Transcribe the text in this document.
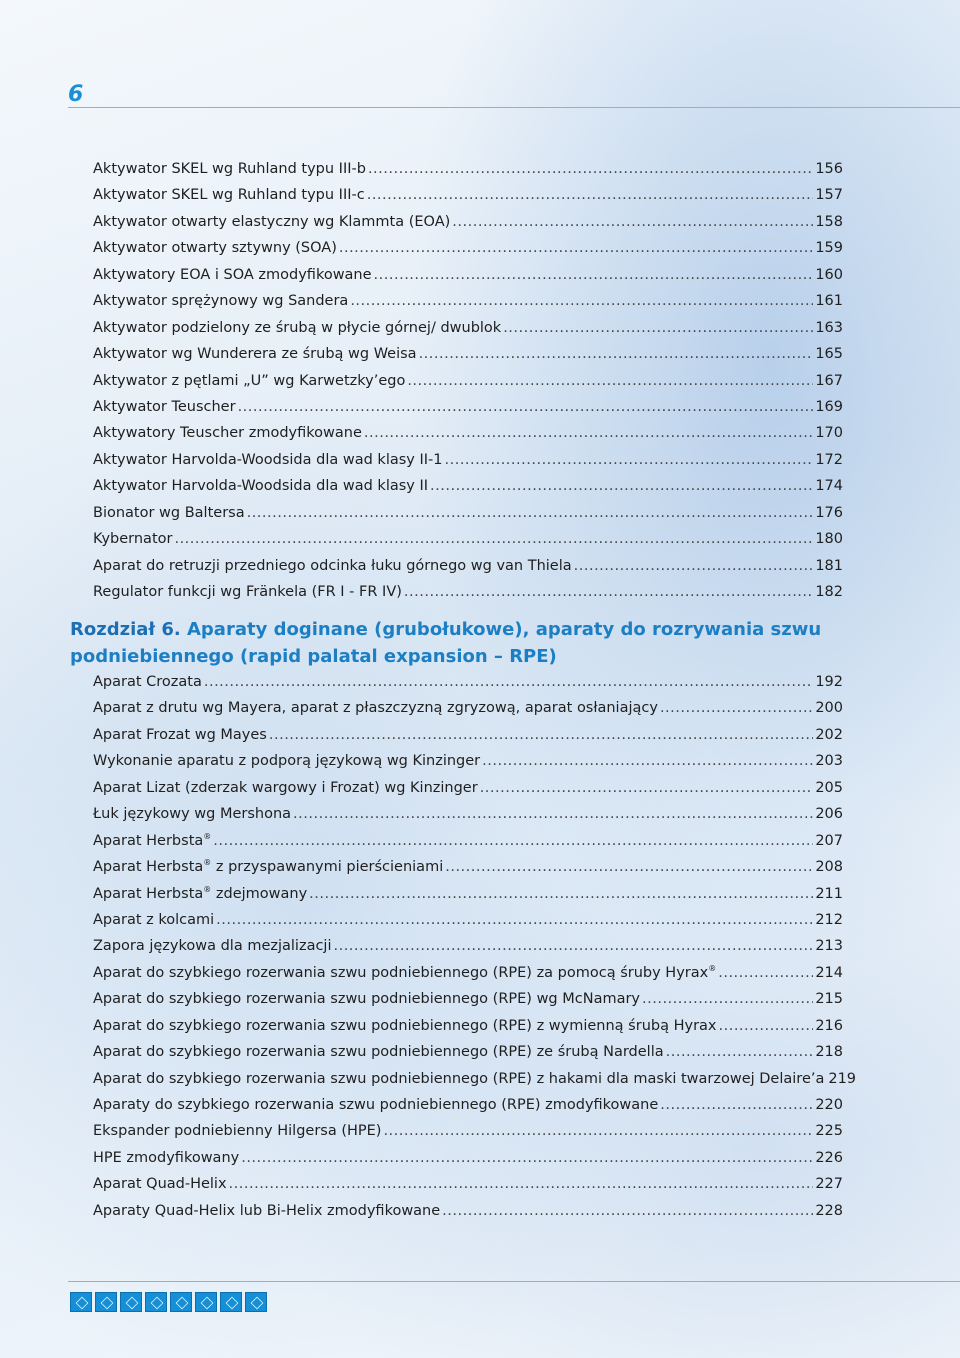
6
Aktywator SKEL wg Ruhland typu III-b .....	156
Aktywator SKEL wg Ruhland typu III-c .....	157
Aktywator otwarty elastyczny wg Klammta (EOA) .....	158
Aktywator otwarty sztywny (SOA) .....	159
Aktywatory EOA i SOA zmodyfikowane .....	160
Aktywator sprężynowy wg Sandera .....	161
Aktywator podzielony ze śrubą w płycie górnej/ dwublok .....	163
Aktywator wg Wunderera ze śrubą wg Weisa .....	165
Aktywator z pętlami „U” wg Karwetzky’ego .....	167
Aktywator Teuscher .....	169
Aktywatory Teuscher zmodyfikowane .....	170
Aktywator Harvolda-Woodsida dla wad klasy II-1 .....	172
Aktywator Harvolda-Woodsida dla wad klasy II .....	174
Bionator wg Baltersa .....	176
Kybernator .....	180
Aparat do retruzji przedniego odcinka łuku górnego wg van Thiela .....	181
Regulator funkcji wg Fränkela (FR I - FR IV) .....	182
Rozdział 6. Aparaty doginane (grubołukowe), aparaty do rozrywania szwu
podniebiennego (rapid palatal expansion – RPE)
Aparat Crozata .....	192
Aparat z drutu wg Mayera, aparat z płaszczyzną zgryzową, aparat osłaniający .....	200
Aparat Frozat wg Mayes .....	202
Wykonanie aparatu z podporą językową wg Kinzinger .....	203
Aparat Lizat (zderzak wargowy i Frozat) wg Kinzinger .....	205
Łuk językowy wg Mershona .....	206
Aparat Herbsta® .....	207
Aparat Herbsta® z przyspawanymi pierścieniami .....	208
Aparat Herbsta® zdejmowany .....	211
Aparat z kolcami .....	212
Zapora językowa dla mezjalizacji .....	213
Aparat do szybkiego rozerwania szwu podniebiennego (RPE) za pomocą śruby Hyrax® .....	214
Aparat do szybkiego rozerwania szwu podniebiennego (RPE) wg McNamary .....	215
Aparat do szybkiego rozerwania szwu podniebiennego (RPE) z wymienną śrubą Hyrax .....	216
Aparat do szybkiego rozerwania szwu podniebiennego (RPE) ze śrubą Nardella .....	218
Aparat do szybkiego rozerwania szwu podniebiennego (RPE) z hakami dla maski twarzowej Delaire’a 219
Aparaty do szybkiego rozerwania szwu podniebiennego (RPE) zmodyfikowane .....	220
Ekspander podniebienny Hilgersa (HPE) .....	225
HPE zmodyfikowany .....	226
Aparat Quad-Helix .....	227
Aparaty Quad-Helix lub Bi-Helix zmodyfikowane .....	228
